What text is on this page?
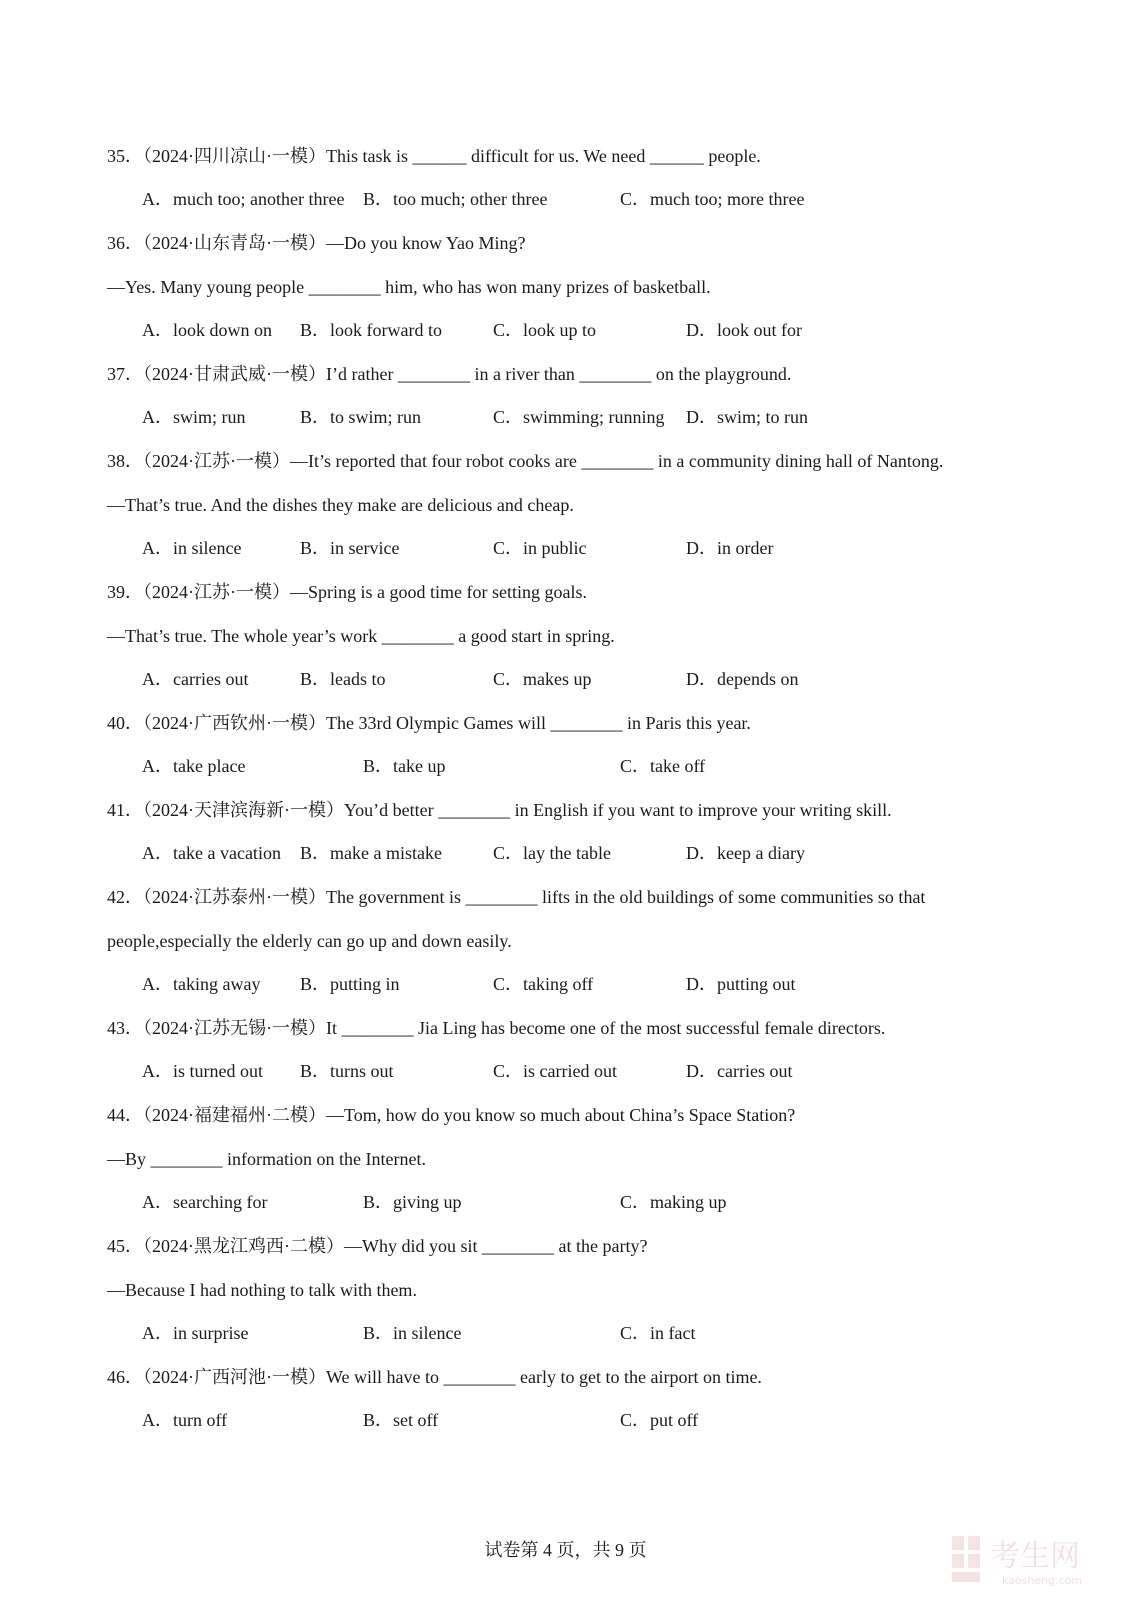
35．（2024·四川凉山·一模）This task is ______ difficult for us. We need ______ people.
A．much too; another three B．too much; other three	C．much too; more three
36．（2024·山东青岛·一模）—Do you know Yao Ming?
—Yes. Many young people ________ him, who has won many prizes of basketball.
A．look down on B．look forward to	C．look up to	D．look out for
37．（2024·甘肃武威·一模）I’d rather ________ in a river than ________ on the playground.
A．swim; run	B．to swim; run	C．swimming; running D．swim; to run
38．（2024·江苏·一模）—It’s reported that four robot cooks are ________ in a community dining hall of Nantong.
—That’s true. And the dishes they make are delicious and cheap.
A．in silence	B．in service	C．in public	D．in order
39．（2024·江苏·一模）—Spring is a good time for setting goals.
—That’s true. The whole year’s work ________ a good start in spring.
A．carries out	B．leads to	C．makes up	D．depends on
40．（2024·广西钦州·一模）The 33rd Olympic Games will ________ in Paris this year.
A．take place	B．take up	C．take off
41．（2024·天津滨海新·一模）You’d better ________ in English if you want to improve your writing skill.
A．take a vacation B．make a mistake	C．lay the table	D．keep a diary
42．（2024·江苏泰州·一模）The government is ________ lifts in the old buildings of some communities so that
people,especially the elderly can go up and down easily.
A．taking away B．putting in	C．taking off	D．putting out
43．（2024·江苏无锡·一模）It ________ Jia Ling has become one of the most successful female directors.
A．is turned out B．turns out	C．is carried out	D．carries out
44．（2024·福建福州·二模）—Tom, how do you know so much about China’s Space Station?
—By ________ information on the Internet.
A．searching for	B．giving up	C．making up
45．（2024·黑龙江鸡西·二模）—Why did you sit ________ at the party?
—Because I had nothing to talk with them.
A．in surprise	B．in silence	C．in fact
46．（2024·广西河池·一模）We will have to ________ early to get to the airport on time.
A．turn off	B．set off	C．put off
试卷第 4 页，共 9 页	考生网
kaosheng.com
